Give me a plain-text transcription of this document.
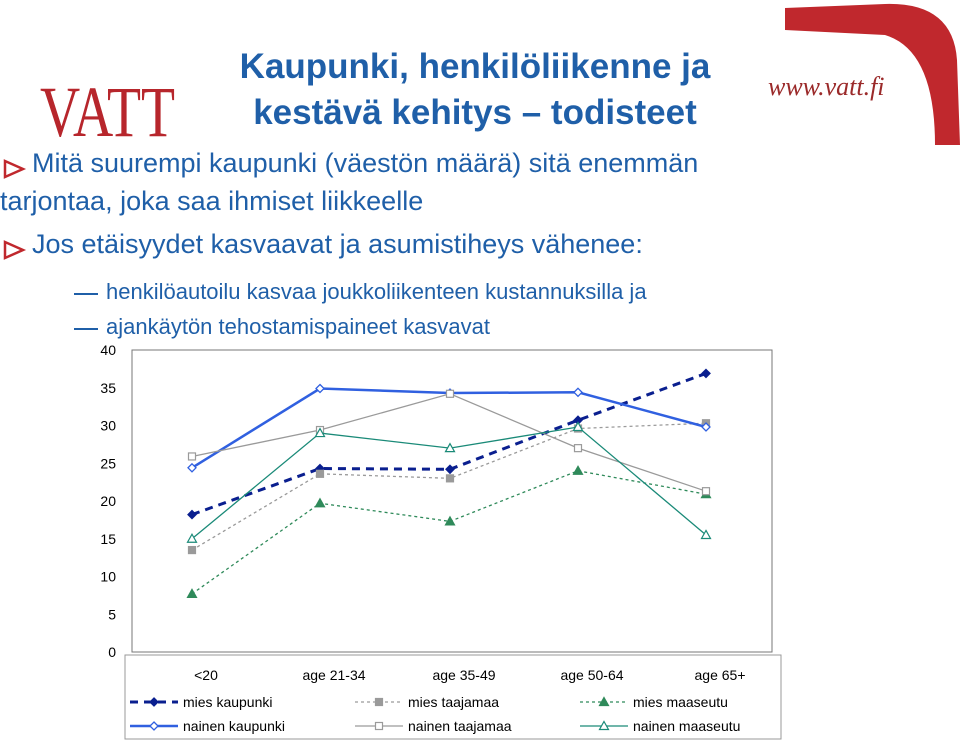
VATT	www.vatt.fi
Kaupunki, henkilöliikenne ja
kestävä kehitys – todisteet
Mitä suurempi kaupunki (väestön määrä) sitä enemmän
tarjontaa, joka saa ihmiset liikkeelle
Jos etäisyydet kasvaavat ja asumistiheys vähenee:
henkilöautoilu kasvaa joukkoliikenteen kustannuksilla ja
ajankäytön tehostamispaineet kasvavat
0
5
10
15
20
25
30
35
40
<20	age 21-34	age 35-49	age 50-64	age 65+
mies kaupunki	mies taajamaa	mies maaseutu
nainen kaupunki	nainen taajamaa	nainen maaseutu
